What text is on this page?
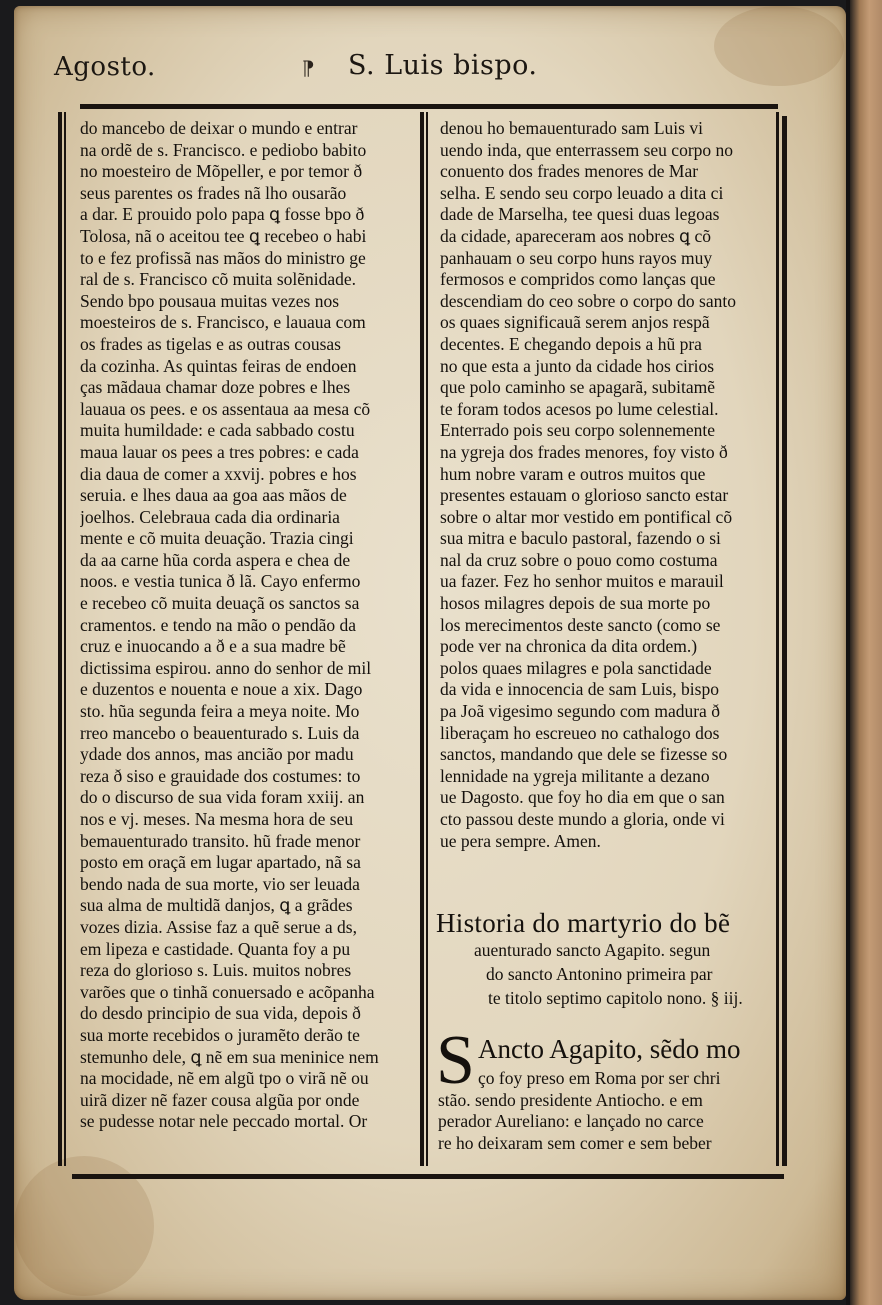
Agosto.	⁋ S. Luis bispo.
do mancebo de deixar o mundo e entrar
na ordẽ de s. Francisco. e pediobo babito
no moesteiro de Mõpeller, e por temor ð
seus parentes os frades nã lho ousarão
a dar. E prouido polo papa ꝗ fosse bpo ð
Tolosa, nã o aceitou tee ꝗ recebeo o habi
to e fez profissã nas mãos do ministro ge
ral de s. Francisco cõ muita solẽnidade.
Sendo bpo pousaua muitas vezes nos
moesteiros de s. Francisco, e lauaua com
os frades as tigelas e as outras cousas
da cozinha. As quintas feiras de endoen
ças mãdaua chamar doze pobres e lhes
lauaua os pees. e os assentaua aa mesa cõ
muita humildade: e cada sabbado costu
maua lauar os pees a tres pobres: e cada
dia daua de comer a xxvij. pobres e hos
seruia. e lhes daua aa goa aas mãos de
joelhos. Celebraua cada dia ordinaria
mente e cõ muita deuação. Trazia cingi
da aa carne hũa corda aspera e chea de
noos. e vestia tunica ð lã. Cayo enfermo
e recebeo cõ muita deuaçã os sanctos sa
cramentos. e tendo na mão o pendão da
cruz e inuocando a ð e a sua madre bẽ
dictissima espirou. anno do senhor de mil
e duzentos e nouenta e noue a xix. Dago
sto. hũa segunda feira a meya noite. Mo
rreo mancebo o beauenturado s. Luis da
ydade dos annos, mas ancião por madu
reza ð siso e grauidade dos costumes: to
do o discurso de sua vida foram xxiij. an
nos e vj. meses. Na mesma hora de seu
bemauenturado transito. hũ frade menor
posto em oraçã em lugar apartado, nã sa
bendo nada de sua morte, vio ser leuada
sua alma de multidã danjos, ꝗ a grãdes
vozes dizia. Assise faz a quẽ serue a ds,
em lipeza e castidade. Quanta foy a pu
reza do glorioso s. Luis. muitos nobres
varões que o tinhã conuersado e acõpanha
do desdo principio de sua vida, depois ð
sua morte recebidos o juramẽto derão te
stemunho dele, ꝗ nẽ em sua meninice nem
na mocidade, nẽ em algũ tpo o virã nẽ ou
uirã dizer nẽ fazer cousa algũa por onde
se pudesse notar nele peccado mortal. Or
denou ho bemauenturado sam Luis vi
uendo inda, que enterrassem seu corpo no
conuento dos frades menores de Mar
selha. E sendo seu corpo leuado a dita ci
dade de Marselha, tee quesi duas legoas
da cidade, apareceram aos nobres ꝗ cõ
panhauam o seu corpo huns rayos muy
fermosos e compridos como lanças que
descendiam do ceo sobre o corpo do santo
os quaes significauã serem anjos respã
decentes. E chegando depois a hũ pra
no que esta a junto da cidade hos cirios
que polo caminho se apagarã, subitamẽ
te foram todos acesos po lume celestial.
Enterrado pois seu corpo solennemente
na ygreja dos frades menores, foy visto ð
hum nobre varam e outros muitos que
presentes estauam o glorioso sancto estar
sobre o altar mor vestido em pontifical cõ
sua mitra e baculo pastoral, fazendo o si
nal da cruz sobre o pouo como costuma
ua fazer. Fez ho senhor muitos e marauil
hosos milagres depois de sua morte po
los merecimentos deste sancto (como se
pode ver na chronica da dita ordem.)
polos quaes milagres e pola sanctidade
da vida e innocencia de sam Luis, bispo
pa Joã vigesimo segundo com madura ð
liberaçam ho escreueo no cathalogo dos
sanctos, mandando que dele se fizesse so
lennidade na ygreja militante a dezano
ue Dagosto. que foy ho dia em que o san
cto passou deste mundo a gloria, onde vi
ue pera sempre. Amen.
Historia do martyrio do bẽ
auenturado sancto Agapito. segun
do sancto Antonino primeira par
te titolo septimo capitolo nono. § iij.
S Ancto Agapito, sẽdo mo
ço foy preso em Roma por ser chri
stão. sendo presidente Antiocho. e em
perador Aureliano: e lançado no carce
re ho deixaram sem comer e sem beber
